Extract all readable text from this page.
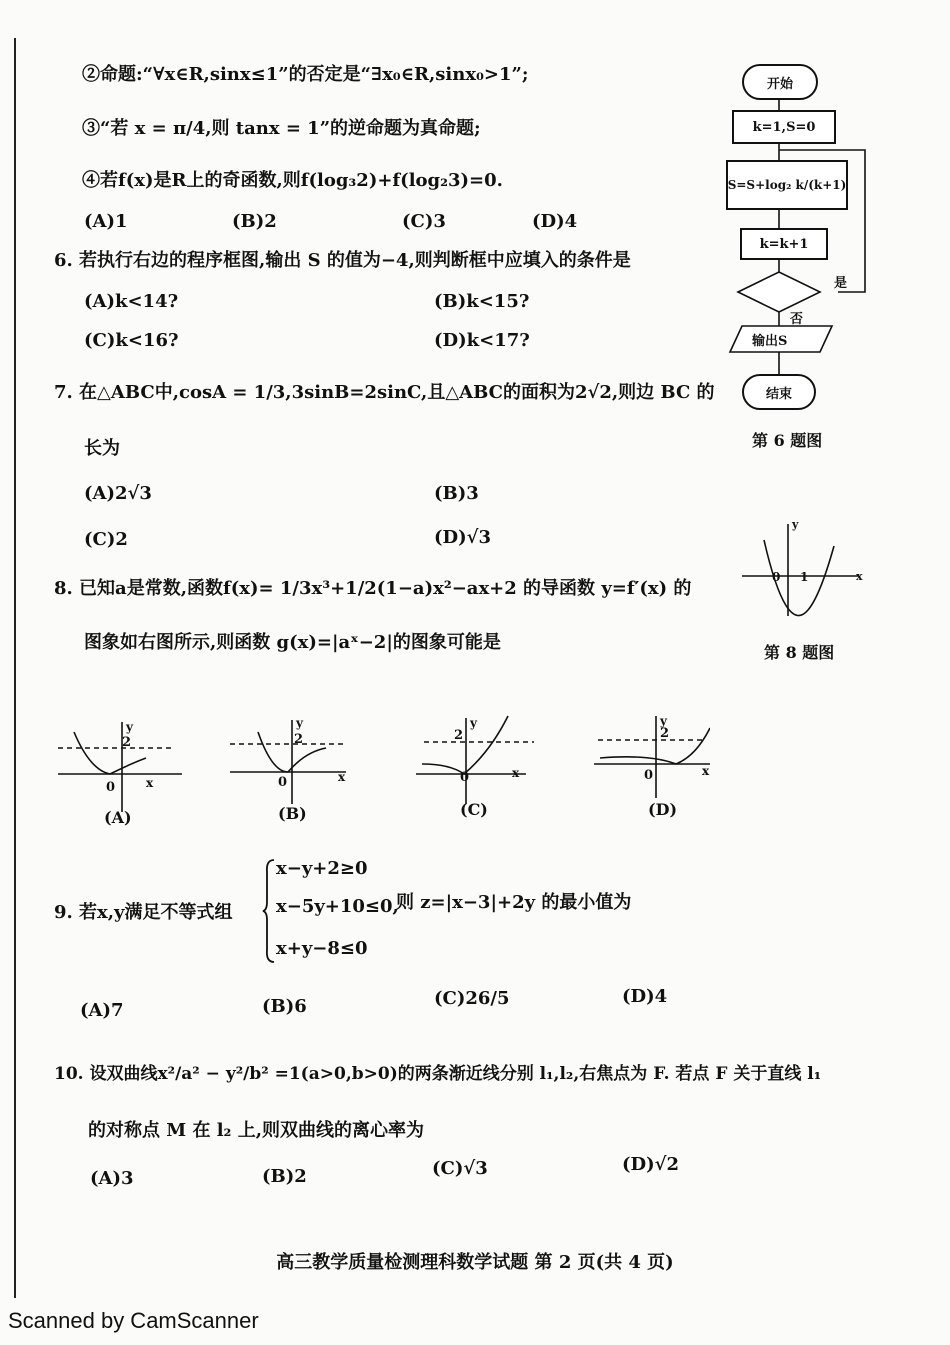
②命题:“∀x∈R,sinx≤1”的否定是“∃x₀∈R,sinx₀>1”;
③“若 x = π/4,则 tanx = 1”的逆命题为真命题;
④若f(x)是R上的奇函数,则f(log₃2)+f(log₂3)=0.
(A)1	(B)2	(C)3	(D)4
6. 若执行右边的程序框图,输出 S 的值为−4,则判断框中应填入的条件是
(A)k<14?	(B)k<15?
(C)k<16?	(D)k<17?
7. 在△ABC中,cosA = 1/3,3sinB=2sinC,且△ABC的面积为2√2,则边 BC 的
长为
(A)2√3	(B)3
(C)2	(D)√3
8. 已知a是常数,函数f(x)= 1/3x³+1/2(1−a)x²−ax+2 的导函数 y=f′(x) 的
图象如右图所示,则函数 g(x)=|aˣ−2|的图象可能是
y
2
0	x
(A)
y
2
0	x
(B)
y
2
0	x
(C)
y
2
0	x
(D)
9. 若x,y满足不等式组
x−y+2≥0
x−5y+10≤0,
x+y−8≤0
则 z=|x−3|+2y 的最小值为
(A)7	(B)6	(C)26/5	(D)4
10. 设双曲线x²/a² − y²/b² =1(a>0,b>0)的两条渐近线分别 l₁,l₂,右焦点为 F. 若点 F 关于直线 l₁
的对称点 M 在 l₂ 上,则双曲线的离心率为
(A)3	(B)2	(C)√3	(D)√2
开始
k=1,S=0
S=S+log₂ k/(k+1)
k=k+1
是
否
输出S
结束
第 6 题图
y
x
0 1
第 8 题图
高三教学质量检测理科数学试题 第 2 页(共 4 页)
Scanned by CamScanner
